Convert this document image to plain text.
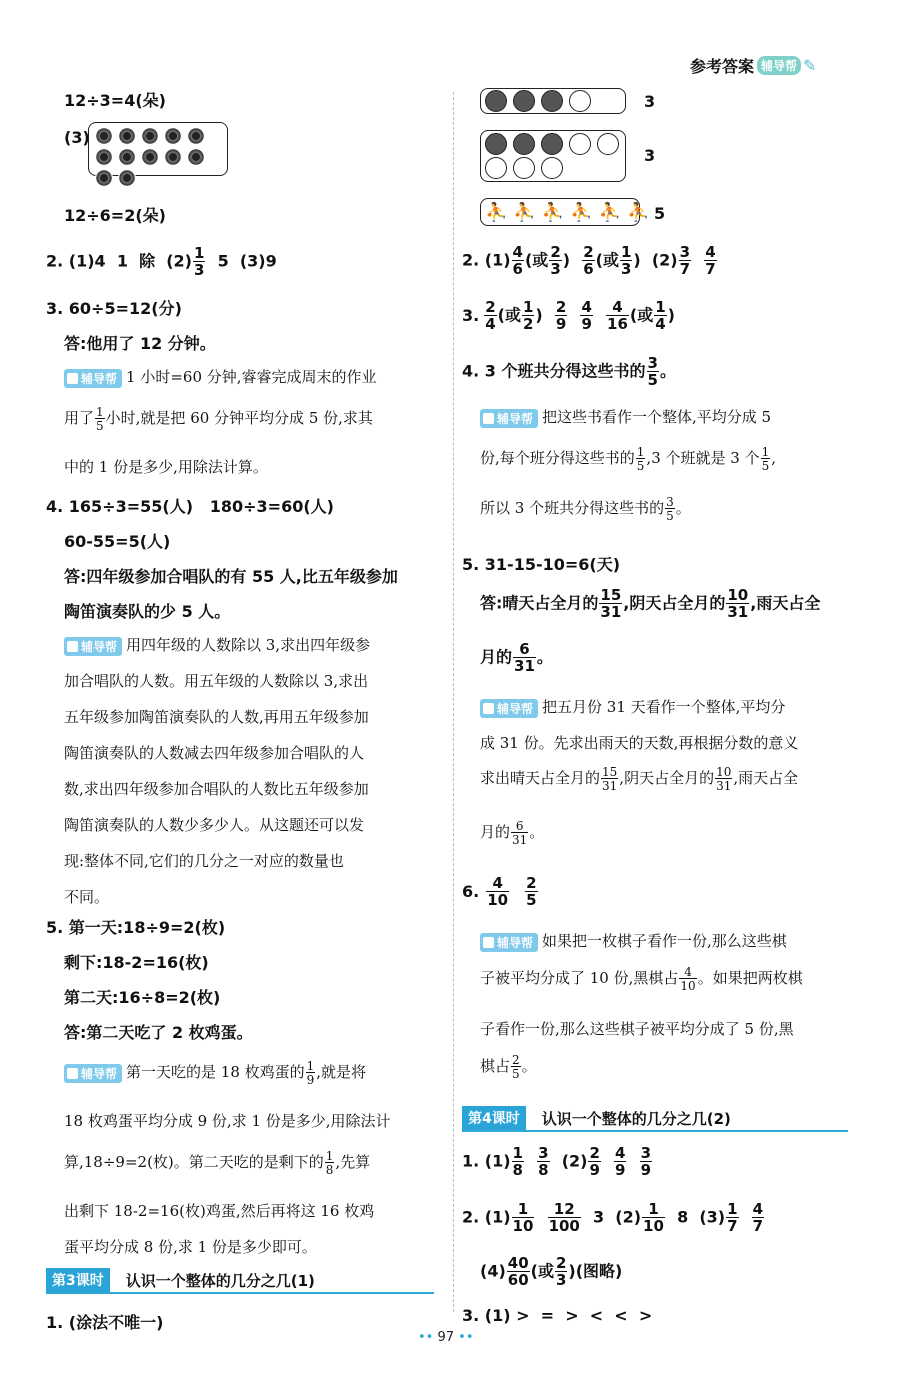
参考答案 辅导帮 ✎
12÷3=4(朵)
(3)
12÷6=2(朵)
2. (1)4  1  除  $(2) \frac{1}{3} 5$  (3)9
3. 60÷5=12(分)
答:他用了 12 分钟。
辅导帮 1 小时=60 分钟,睿睿完成周末的作业
用了 $\frac{1}{5}$ 小时,就是把 60 分钟平均分成 5 份,求其
中的 1 份是多少,用除法计算。
4. 165÷3=55(人)   180÷3=60(人)
60-55=5(人)
答:四年级参加合唱队的有 55 人,比五年级参加
陶笛演奏队的少 5 人。
辅导帮 用四年级的人数除以 3,求出四年级参
加合唱队的人数。用五年级的人数除以 3,求出
五年级参加陶笛演奏队的人数,再用五年级参加
陶笛演奏队的人数减去四年级参加合唱队的人
数,求出四年级参加合唱队的人数比五年级参加
陶笛演奏队的人数少多少人。从这题还可以发
现:整体不同,它们的几分之一对应的数量也
不同。
5. 第一天:18÷9=2(枚)
剩下:18-2=16(枚)
第二天:16÷8=2(枚)
答:第二天吃了 2 枚鸡蛋。
辅导帮 第一天吃的是 18 枚鸡蛋的 $\frac{1}{9}$ ,就是将
18 枚鸡蛋平均分成 9 份,求 1 份是多少,用除法计
算,18÷9=2(枚)。第二天吃的是剩下的 $\frac{1}{8}$ ,先算
出剩下 18-2=16(枚)鸡蛋,然后再将这 16 枚鸡
蛋平均分成 8 份,求 1 份是多少即可。
第3课时	认识一个整体的几分之几(1)
1. (涂法不唯一)
3
3
⛹ ⛹ ⛹ ⛹ ⛹ ⛹ 5
2. $(1) \frac{4}{6}$ (或 $\frac{2}{3}$ ) $\frac{2}{6}$ (或 $\frac{1}{3}$ )  $(2) \frac{3}{7}$
$\frac{4}{7}$
3. $\frac{2}{4}$ (或 $\frac{1}{2}$ ) $\frac{2}{9}$
$\frac{4}{9}$
$\frac{4}{16}$ (或 $\frac{1}{4}$ )
4. 3 个班共分得这些书的 $\frac{3}{5}$ 。
辅导帮 把这些书看作一个整体,平均分成 5
份,每个班分得这些书的 $\frac{1}{5} ,3$ 个班就是 3 个 $\frac{1}{5}$ ,
所以 3 个班共分得这些书的 $\frac{3}{5}$ 。
5. 31-15-10=6(天)
答:晴天占全月的 $\frac{15}{31}$ ,阴天占全月的 $\frac{10}{31}$ ,雨天占全
月的 $\frac{6}{31}$ 。
辅导帮 把五月份 31 天看作一个整体,平均分
成 31 份。先求出雨天的天数,再根据分数的意义
求出晴天占全月的 $\frac{15}{31}$ ,阴天占全月的 $\frac{10}{31}$ ,雨天占全
月的 $\frac{6}{31}$ 。
6. $\frac{4}{10} \frac{2}{5}$
辅导帮 如果把一枚棋子看作一份,那么这些棋
子被平均分成了 10 份,黑棋占 $\frac{4}{10}$ 。如果把两枚棋
子看作一份,那么这些棋子被平均分成了 5 份,黑
棋占 $\frac{2}{5}$ 。
第4课时	认识一个整体的几分之几(2)
1. $(1) \frac{1}{8}$
$\frac{3}{8} (2) \frac{2}{9}$
$\frac{4}{9}$
$\frac{3}{9}$
2. $(1) \frac{1}{10}$
$\frac{12}{100} 3$  $(2) \frac{1}{10} 8$  $(3) \frac{1}{7}$
$\frac{4}{7}$
$(4) \frac{40}{60}$ (或 $\frac{2}{3}$ )(图略)
3. (1) >  =  >  <  <  >
•• 97 ••
